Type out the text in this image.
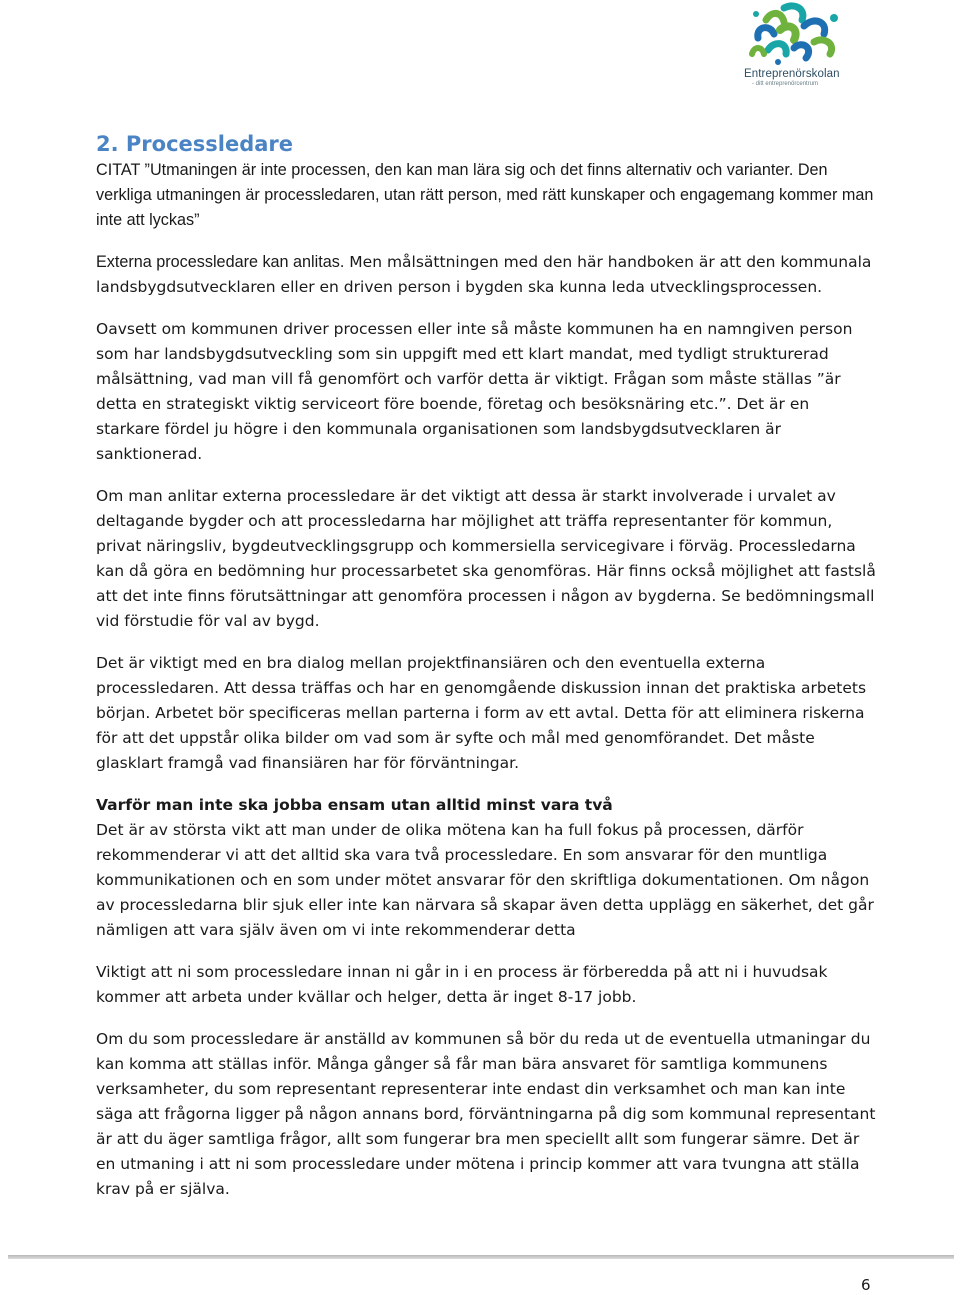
Entreprenörskolan
- ditt entreprenörcentrum
2. Processledare

CITAT ”Utmaningen är inte processen, den kan man lära sig och det finns alternativ och varianter. Den verkliga utmaningen är processledaren, utan rätt person, med rätt kunskaper och engagemang kommer man inte att lyckas”

Externa processledare kan anlitas. Men målsättningen med den här handboken är att den kommunala landsbygdsutvecklaren eller en driven person i bygden ska kunna leda utvecklingsprocessen.

Oavsett om kommunen driver processen eller inte så måste kommunen ha en namngiven person som har landsbygdsutveckling som sin uppgift med ett klart mandat, med tydligt strukturerad målsättning, vad man vill få genomfört och varför detta är viktigt. Frågan som måste ställas ”är detta en strategiskt viktig serviceort före boende, företag och besöksnäring etc.”. Det är en starkare fördel ju högre i den kommunala organisationen som landsbygdsutvecklaren är sanktionerad.

Om man anlitar externa processledare är det viktigt att dessa är starkt involverade i urvalet av deltagande bygder och att processledarna har möjlighet att träffa representanter för kommun, privat näringsliv, bygdeutvecklingsgrupp och kommersiella servicegivare i förväg. Processledarna kan då göra en bedömning hur processarbetet ska genomföras. Här finns också möjlighet att fastslå att det inte finns förutsättningar att genomföra processen i någon av bygderna. Se bedömningsmall vid förstudie för val av bygd.

Det är viktigt med en bra dialog mellan projektfinansiären och den eventuella externa processledaren. Att dessa träffas och har en genomgående diskussion innan det praktiska arbetets början. Arbetet bör specificeras mellan parterna i form av ett avtal. Detta för att eliminera riskerna för att det uppstår olika bilder om vad som är syfte och mål med genomförandet. Det måste glasklart framgå vad finansiären har för förväntningar.

Varför man inte ska jobba ensam utan alltid minst vara två

Det är av största vikt att man under de olika mötena kan ha full fokus på processen, därför rekommenderar vi att det alltid ska vara två processledare. En som ansvarar för den muntliga kommunikationen och en som under mötet ansvarar för den skriftliga dokumentationen. Om någon av processledarna blir sjuk eller inte kan närvara så skapar även detta upplägg en säkerhet, det går nämligen att vara själv även om vi inte rekommenderar detta

Viktigt att ni som processledare innan ni går in i en process är förberedda på att ni i huvudsak kommer att arbeta under kvällar och helger, detta är inget 8-17 jobb.

Om du som processledare är anställd av kommunen så bör du reda ut de eventuella utmaningar du kan komma att ställas inför. Många gånger så får man bära ansvaret för samtliga kommunens verksamheter, du som representant representerar inte endast din verksamhet och man kan inte säga att frågorna ligger på någon annans bord, förväntningarna på dig som kommunal representant är att du äger samtliga frågor, allt som fungerar bra men speciellt allt som fungerar sämre. Det är en utmaning i att ni som processledare under mötena i princip kommer att vara tvungna att ställa krav på er själva.

6
